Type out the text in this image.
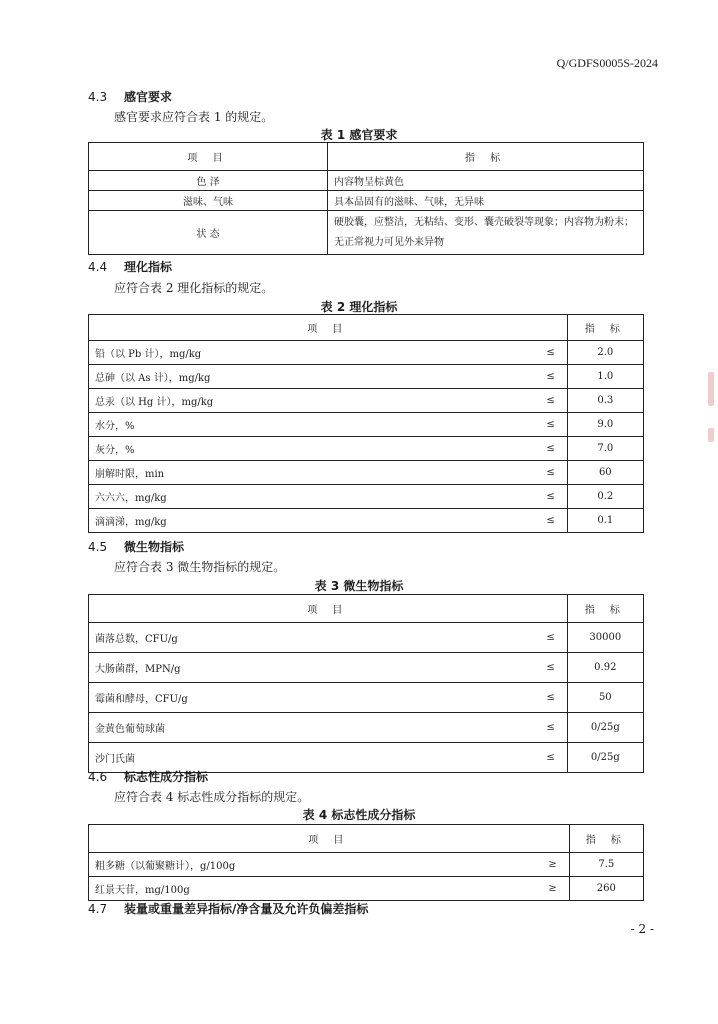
Q/GDFS0005S-2024
4.3 感官要求
感官要求应符合表 1 的规定。
表 1 感官要求
项 目	指 标
色 泽	内容物呈棕黄色
滋味、气味	具本品固有的滋味、气味，无异味
状 态	硬胶囊，应整洁，无粘结、变形、囊壳破裂等现象；内容物为粉末；无正常视力可见外来异物
4.4 理化指标
应符合表 2 理化指标的规定。
表 2 理化指标
项 目		指 标
铅（以 Pb 计），mg/kg	≤	2.0
总砷（以 As 计），mg/kg	≤	1.0
总汞（以 Hg 计），mg/kg	≤	0.3
水分，%	≤	9.0
灰分，%	≤	7.0
崩解时限，min	≤	60
六六六，mg/kg	≤	0.2
滴滴涕，mg/kg	≤	0.1
4.5 微生物指标
应符合表 3 微生物指标的规定。
表 3 微生物指标
项 目		指 标
菌落总数，CFU/g	≤	30000
大肠菌群，MPN/g	≤	0.92
霉菌和酵母，CFU/g	≤	50
金黄色葡萄球菌	≤	0/25g
沙门氏菌	≤	0/25g
4.6 标志性成分指标
应符合表 4 标志性成分指标的规定。
表 4 标志性成分指标
项 目		指 标
粗多糖（以葡聚糖计），g/100g	≥	7.5
红景天苷，mg/100g	≥	260
4.7 装量或重量差异指标/净含量及允许负偏差指标
- 2 -
